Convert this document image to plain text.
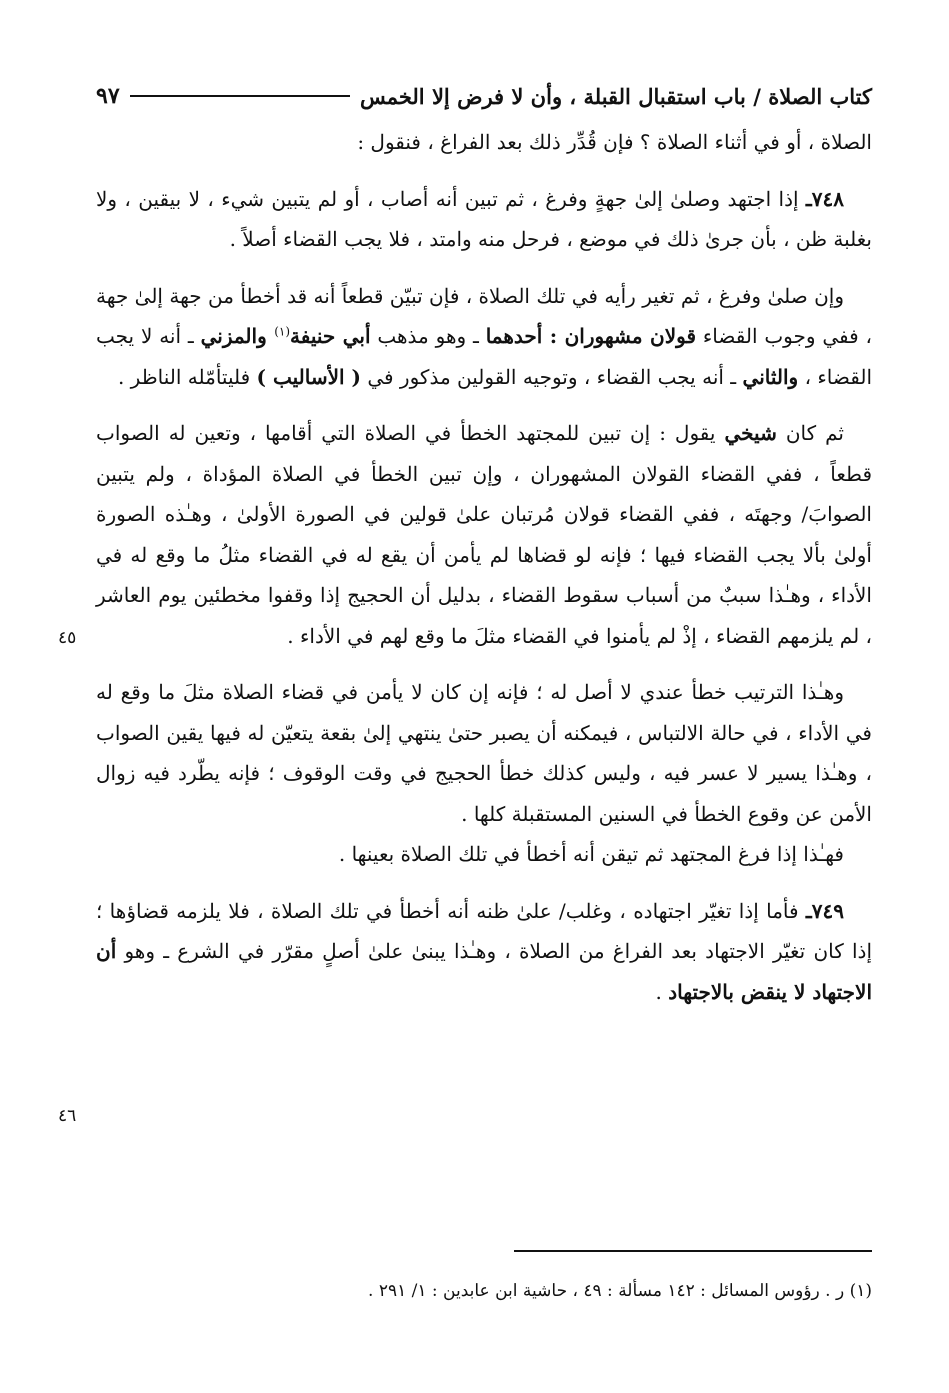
كتاب الصلاة / باب استقبال القبلة ، وأن لا فرض إلا الخمس
٩٧
٤٥
٤٦

الصلاة ، أو في أثناء الصلاة ؟ فإن قُدِّر ذلك بعد الفراغ ، فنقول :

٧٤٨ـ إذا اجتهد وصلىٰ إلىٰ جهةٍ وفرغ ، ثم تبين أنه أصاب ، أو لم يتبين شيء ، لا بيقين ، ولا بغلبة ظن ، بأن جرىٰ ذلك في موضع ، فرحل منه وامتد ، فلا يجب القضاء أصلاً .

وإن صلىٰ وفرغ ، ثم تغير رأيه في تلك الصلاة ، فإن تبيّن قطعاً أنه قد أخطأ من جهة إلىٰ جهة ، ففي وجوب القضاء قولان مشهوران : أحدهما ـ وهو مذهب أبي حنيفة$^{(١)}$ والمزني ـ أنه لا يجب القضاء ، والثاني ـ أنه يجب القضاء ، وتوجيه القولين مذكور في ( الأساليب ) فليتأمّله الناظر .

ثم كان شيخي يقول : إن تبين للمجتهد الخطأ في الصلاة التي أقامها ، وتعين له الصواب قطعاً ، ففي القضاء القولان المشهوران ، وإن تبين الخطأ في الصلاة المؤداة ، ولم يتبين الصوابَ/ وجهتَه ، ففي القضاء قولان مُرتبان علىٰ قولين في الصورة الأولىٰ ، وهـٰذه الصورة أولىٰ بألا يجب القضاء فيها ؛ فإنه لو قضاها لم يأمن أن يقع له في القضاء مثلُ ما وقع له في الأداء ، وهـٰذا سببٌ من أسباب سقوط القضاء ، بدليل أن الحجيج إذا وقفوا مخطئين يوم العاشر ، لم يلزمهم القضاء ، إذْ لم يأمنوا في القضاء مثلَ ما وقع لهم في الأداء .

وهـٰذا الترتيب خطأ عندي لا أصل له ؛ فإنه إن كان لا يأمن في قضاء الصلاة مثلَ ما وقع له في الأداء ، في حالة الالتباس ، فيمكنه أن يصبر حتىٰ ينتهي إلىٰ بقعة يتعيّن له فيها يقين الصواب ، وهـٰذا يسير لا عسر فيه ، وليس كذلك خطأ الحجيج في وقت الوقوف ؛ فإنه يطّرد فيه زوال الأمن عن وقوع الخطأ في السنين المستقبلة كلها .

فهـٰذا إذا فرغ المجتهد ثم تيقن أنه أخطأ في تلك الصلاة بعينها .

٧٤٩ـ فأما إذا تغيّر اجتهاده ، وغلب/ علىٰ ظنه أنه أخطأ في تلك الصلاة ، فلا يلزمه قضاؤها ؛ إذا كان تغيّر الاجتهاد بعد الفراغ من الصلاة ، وهـٰذا يبنىٰ علىٰ أصلٍ مقرّر في الشرع ـ وهو أن الاجتهاد لا ينقض بالاجتهاد .

(١) ر . رؤوس المسائل : ١٤٢ مسألة : ٤٩ ، حاشية ابن عابدين : ١/ ٢٩١ .
